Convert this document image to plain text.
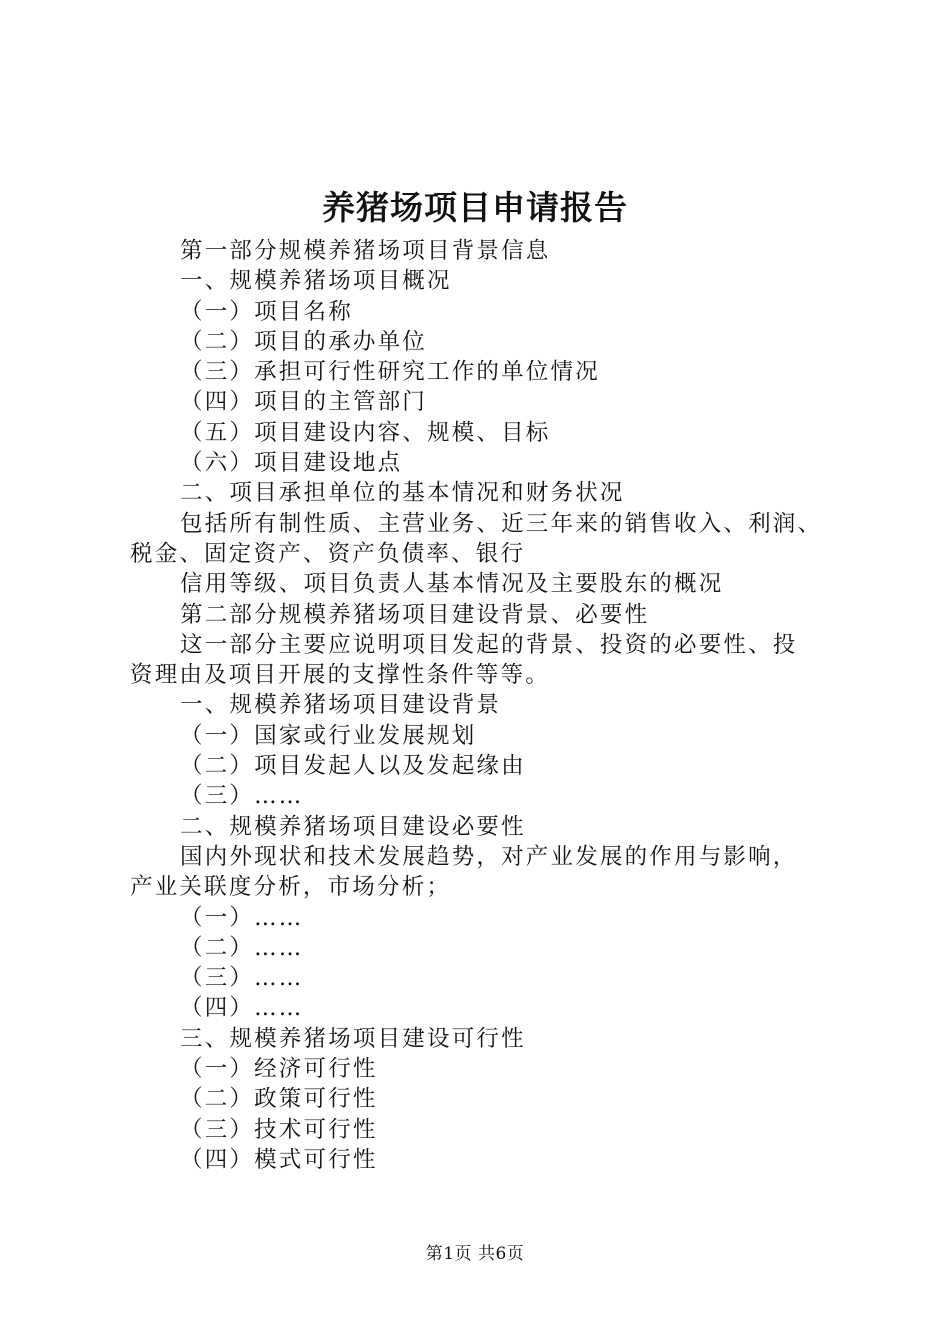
养猪场项目申请报告
第一部分规模养猪场项目背景信息
一、规模养猪场项目概况
（一）项目名称
（二）项目的承办单位
（三）承担可行性研究工作的单位情况
（四）项目的主管部门
（五）项目建设内容、规模、目标
（六）项目建设地点
二、项目承担单位的基本情况和财务状况
包括所有制性质、主营业务、近三年来的销售收入、利润、
税金、固定资产、资产负债率、银行
信用等级、项目负责人基本情况及主要股东的概况
第二部分规模养猪场项目建设背景、必要性
这一部分主要应说明项目发起的背景、投资的必要性、投
资理由及项目开展的支撑性条件等等。
一、规模养猪场项目建设背景
（一）国家或行业发展规划
（二）项目发起人以及发起缘由
（三）……
二、规模养猪场项目建设必要性
国内外现状和技术发展趋势，对产业发展的作用与影响，
产业关联度分析，市场分析；
（一）……
（二）……
（三）……
（四）……
三、规模养猪场项目建设可行性
（一）经济可行性
（二）政策可行性
（三）技术可行性
（四）模式可行性
第1页 共6页
